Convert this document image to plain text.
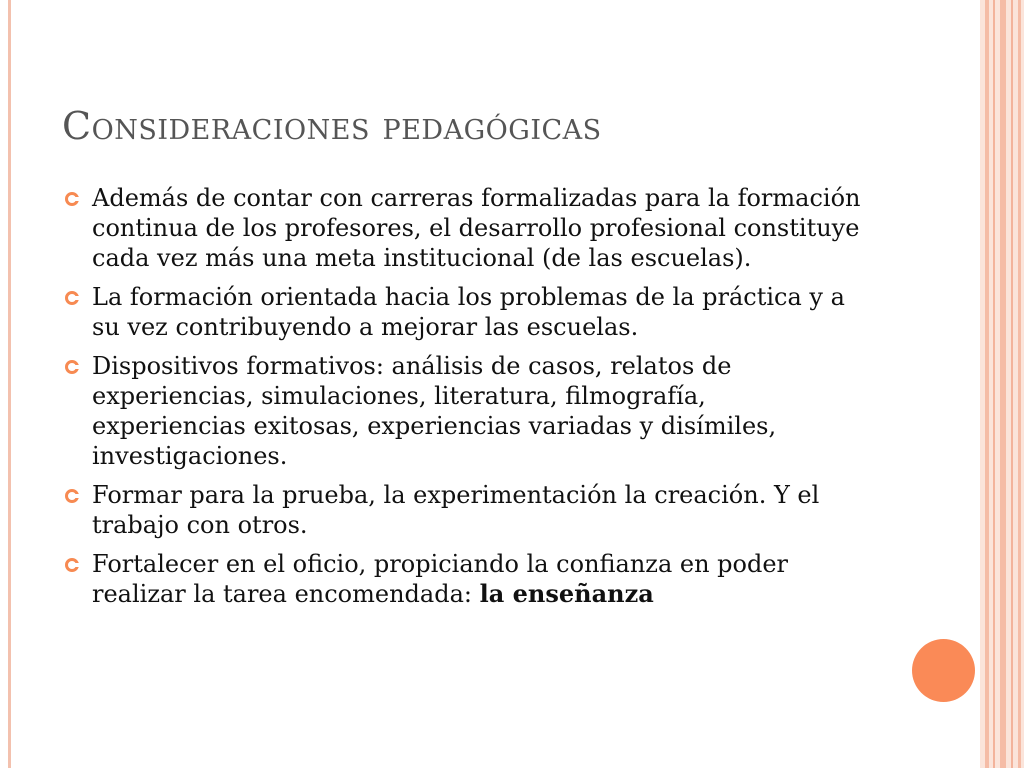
Consideraciones pedagógicas
Además de contar con carreras formalizadas para la formación continua de los profesores, el desarrollo profesional constituye cada vez más una meta institucional (de las escuelas).
La formación orientada hacia los problemas de la práctica y a su vez contribuyendo a mejorar las escuelas.
Dispositivos formativos: análisis de casos, relatos de experiencias, simulaciones, literatura, filmografía, experiencias exitosas, experiencias variadas y disímiles, investigaciones.
Formar para la prueba, la experimentación la creación. Y el trabajo con otros.
Fortalecer en el oficio, propiciando la confianza en poder realizar la tarea encomendada: la enseñanza
